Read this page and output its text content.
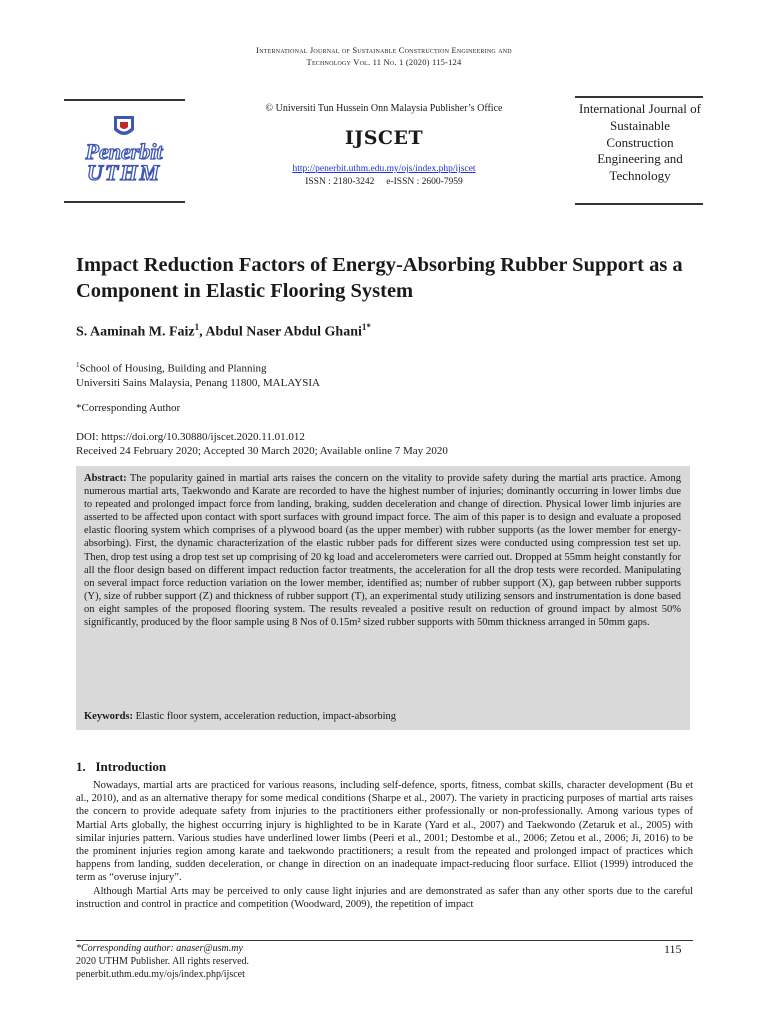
International Journal of Sustainable Construction Engineering and
Technology Vol. 11 No. 1 (2020) 115-124
Penerbit
UTHM
© Universiti Tun Hussein Onn Malaysia Publisher’s Office
IJSCET
http://penerbit.uthm.edu.my/ojs/index.php/ijscet
ISSN : 2180-3242     e-ISSN : 2600-7959
International Journal of Sustainable Construction Engineering and Technology
Impact Reduction Factors of Energy-Absorbing Rubber Support as a Component in Elastic Flooring System
S. Aaminah M. Faiz$^1$, Abdul Naser Abdul Ghani$^{1*}$
$^1$School of Housing, Building and Planning
Universiti Sains Malaysia, Penang 11800, MALAYSIA
*Corresponding Author
DOI: https://doi.org/10.30880/ijscet.2020.11.01.012
Received 24 February 2020; Accepted 30 March 2020; Available online 7 May 2020
Abstract: The popularity gained in martial arts raises the concern on the vitality to provide safety during the martial arts practice. Among numerous martial arts, Taekwondo and Karate are recorded to have the highest number of injuries; dominantly occurring in lower limbs due to repeated and prolonged impact force from landing, braking, sudden deceleration and change of direction. Physical lower limb injuries are asserted to be affected upon contact with sport surfaces with ground impact force. The aim of this paper is to design and evaluate a proposed elastic flooring system which comprises of a plywood board (as the upper member) with rubber supports (as the lower member for energy-absorbing). First, the dynamic characterization of the elastic rubber pads for different sizes were conducted using compression test set up. Then, drop test using a drop test set up comprising of 20 kg load and accelerometers were carried out. Dropped at 55mm height constantly for all the floor design based on different impact reduction factor treatments, the acceleration for all the drop tests were recorded. Manipulating on several impact force reduction variation on the lower member, identified as; number of rubber support (X), gap between rubber supports (Y), size of rubber support (Z) and thickness of rubber support (T), an experimental study utilizing sensors and instrumentation is done based on eight samples of the proposed flooring system. The results revealed a positive result on reduction of ground impact by almost 50% significantly, produced by the floor sample using 8 Nos of 0.15m² sized rubber supports with 50mm thickness arranged in 50mm gaps.
Keywords: Elastic floor system, acceleration reduction, impact-absorbing
1.   Introduction

Nowadays, martial arts are practiced for various reasons, including self-defence, sports, fitness, combat skills, character development (Bu et al., 2010), and as an alternative therapy for some medical conditions (Sharpe et al., 2007). The variety in practicing purposes of martial arts raises the concern to provide adequate safety from injuries to the practitioners either professionally or non-professionally. Among various types of Martial Arts globally, the highest occurring injury is highlighted to be in Karate (Yard et al., 2007) and Taekwondo (Zetaruk et al., 2005) with similar injuries pattern. Various studies have underlined lower limbs (Peeri et al., 2001; Destombe et al., 2006; Zetou et al., 2006; Ji, 2016) to be the prominent injuries region among karate and taekwondo practitioners; a result from the repeated and prolonged impact of practices which happens from landing, sudden deceleration, or change in direction on an inadequate impact-reducing floor surface. Elliot (1999) introduced the term as “overuse injury”.

Although Martial Arts may be perceived to only cause light injuries and are demonstrated as safer than any other sports due to the careful instruction and control in practice and competition (Woodward, 2009), the repetition of impact

*Corresponding author: anaser@usm.my
2020 UTHM Publisher. All rights reserved.
penerbit.uthm.edu.my/ojs/index.php/ijscet
115
